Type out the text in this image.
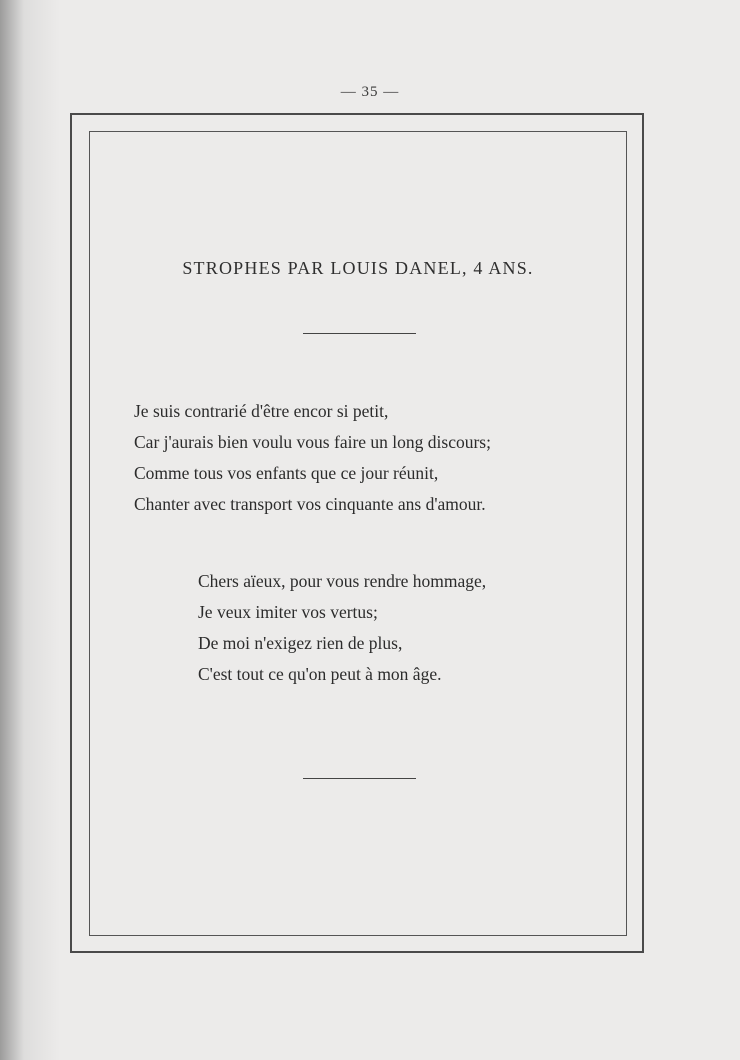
— 35 —
STROPHES PAR LOUIS DANEL, 4 ANS.
Je suis contrarié d'être encor si petit,
Car j'aurais bien voulu vous faire un long discours;
Comme tous vos enfants que ce jour réunit,
Chanter avec transport vos cinquante ans d'amour.
Chers aïeux, pour vous rendre hommage,
Je veux imiter vos vertus;
De moi n'exigez rien de plus,
C'est tout ce qu'on peut à mon âge.
